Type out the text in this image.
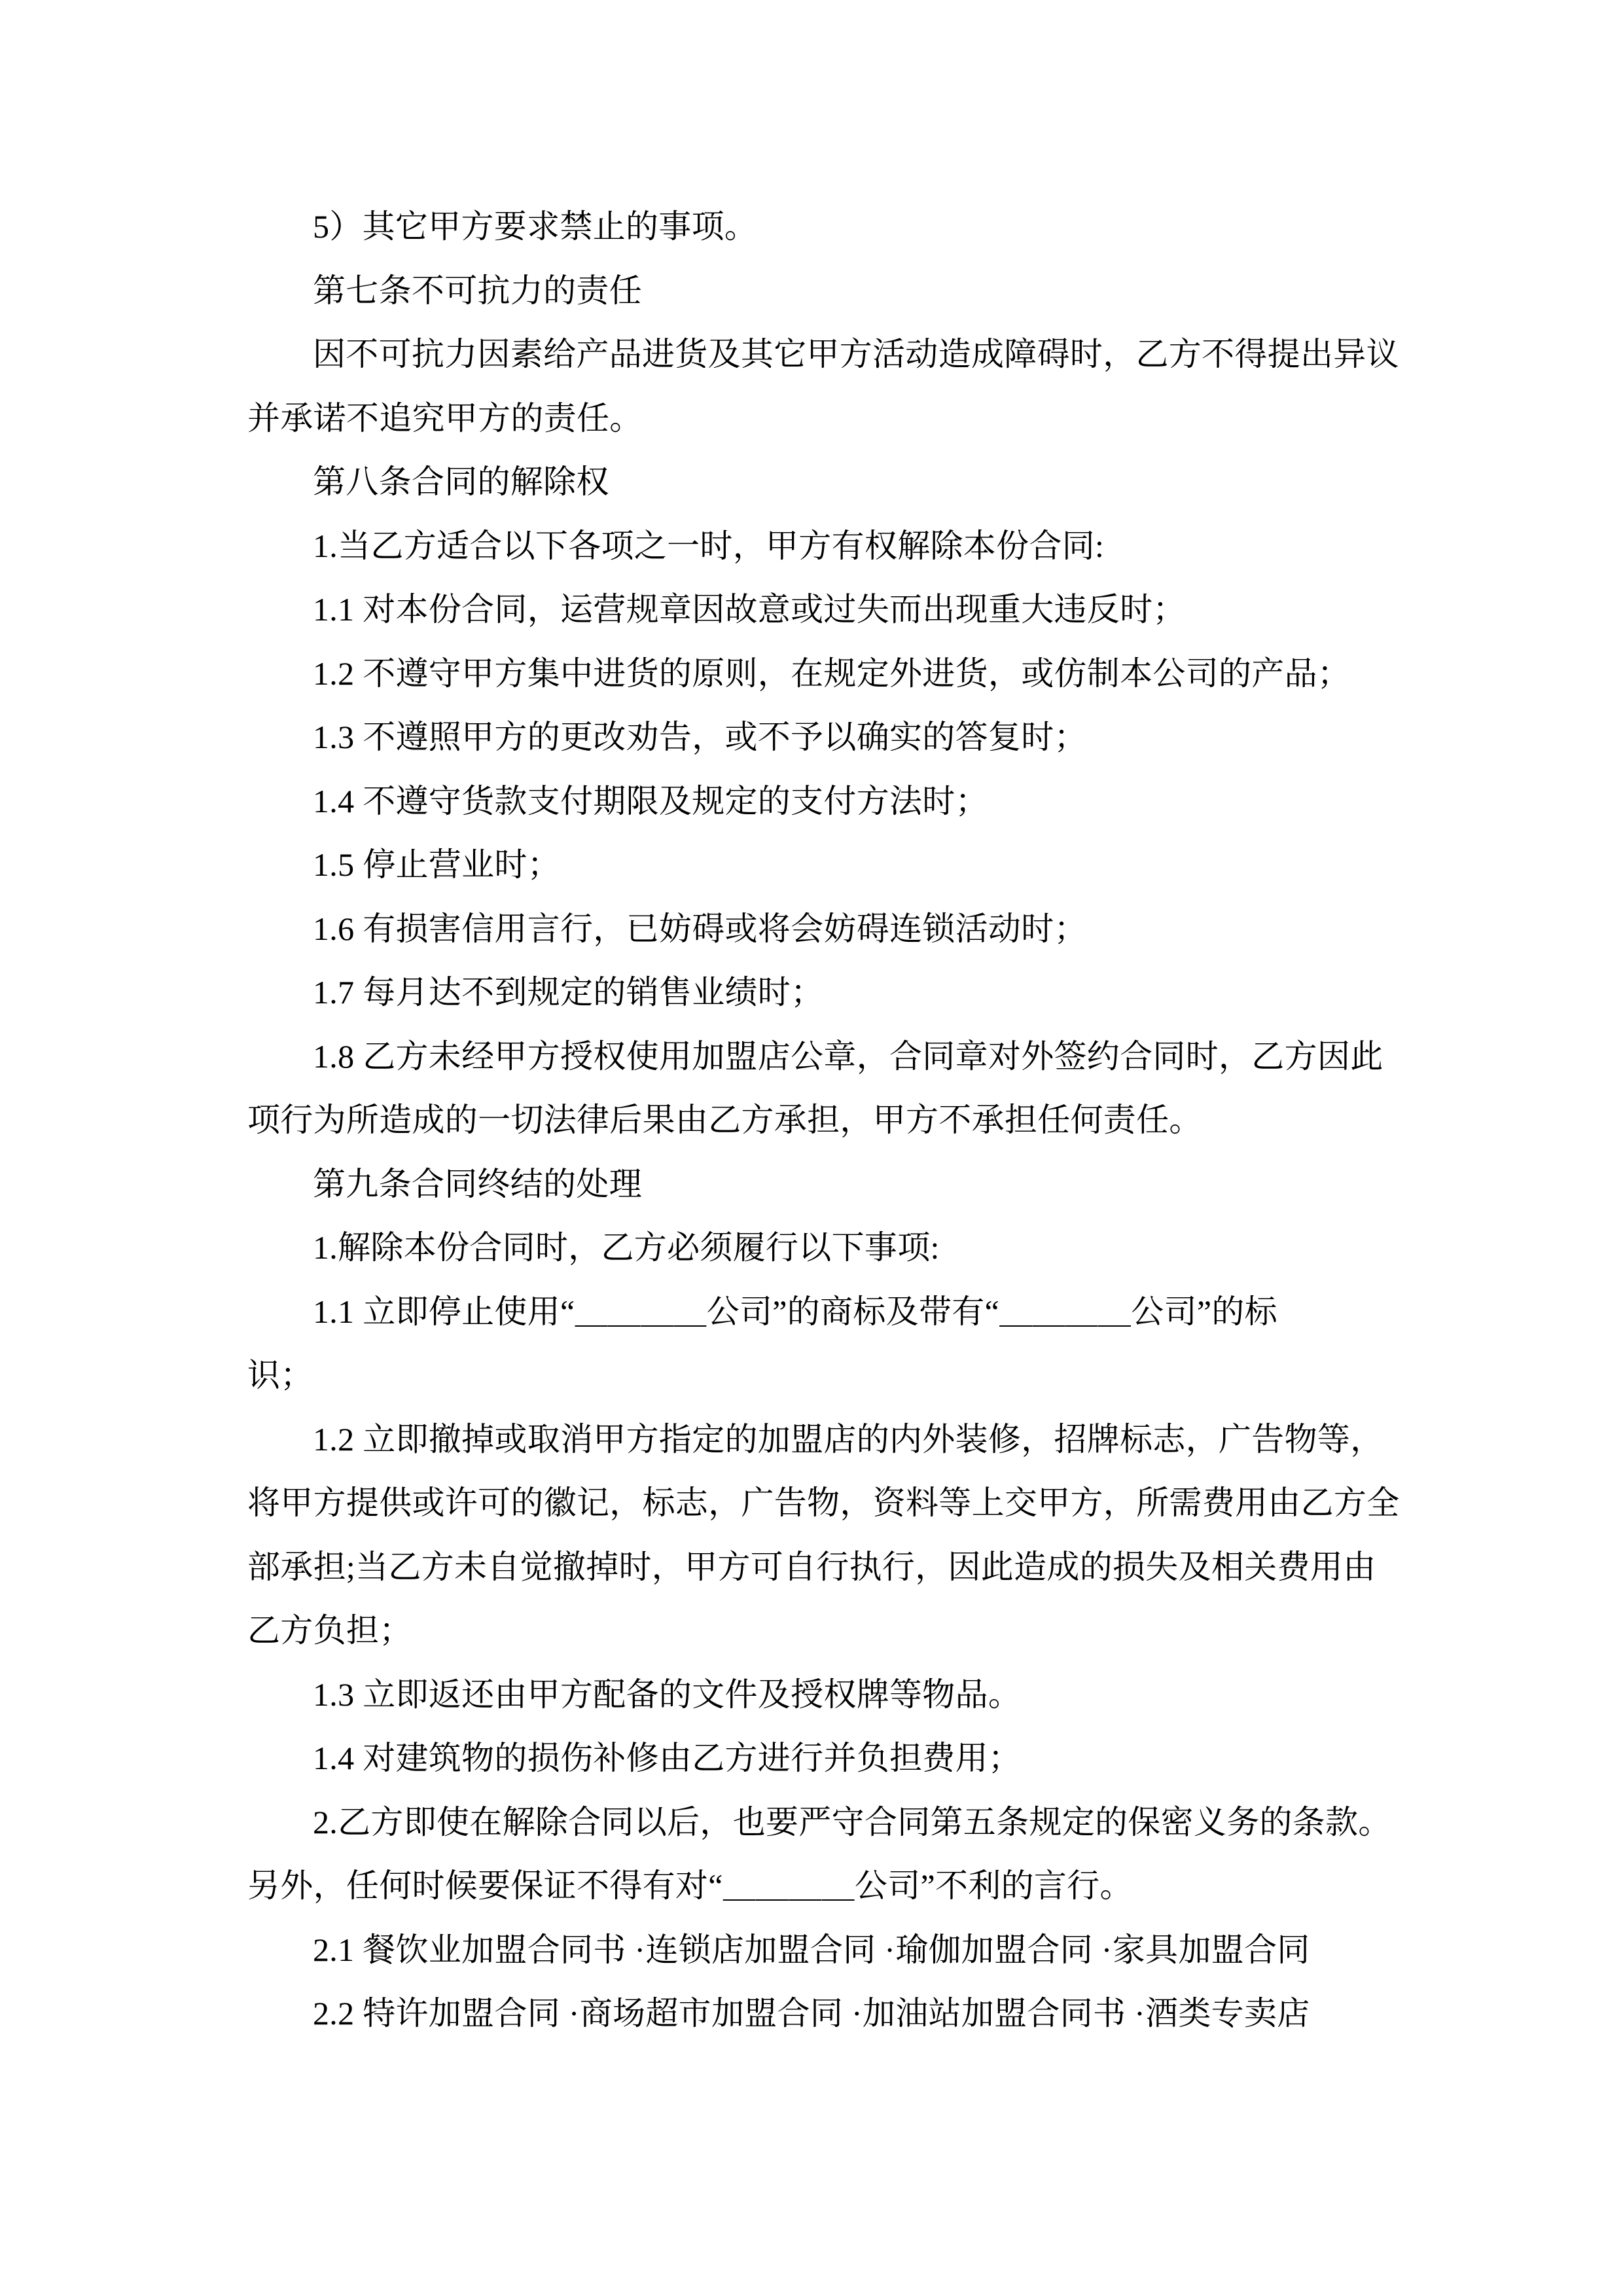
5）其它甲方要求禁止的事项。
第七条不可抗力的责任
因不可抗力因素给产品进货及其它甲方活动造成障碍时，乙方不得提出异议
并承诺不追究甲方的责任。
第八条合同的解除权
1.当乙方适合以下各项之一时，甲方有权解除本份合同:
1.1 对本份合同，运营规章因故意或过失而出现重大违反时；
1.2 不遵守甲方集中进货的原则，在规定外进货，或仿制本公司的产品；
1.3 不遵照甲方的更改劝告，或不予以确实的答复时；
1.4 不遵守货款支付期限及规定的支付方法时；
1.5 停止营业时；
1.6 有损害信用言行，已妨碍或将会妨碍连锁活动时；
1.7 每月达不到规定的销售业绩时；
1.8 乙方未经甲方授权使用加盟店公章，合同章对外签约合同时，乙方因此
项行为所造成的一切法律后果由乙方承担，甲方不承担任何责任。
第九条合同终结的处理
1.解除本份合同时，乙方必须履行以下事项:
1.1 立即停止使用“＿＿＿＿公司”的商标及带有“＿＿＿＿公司”的标
识；
1.2 立即撤掉或取消甲方指定的加盟店的内外装修，招牌标志，广告物等，
将甲方提供或许可的徽记，标志，广告物，资料等上交甲方，所需费用由乙方全
部承担;当乙方未自觉撤掉时，甲方可自行执行，因此造成的损失及相关费用由
乙方负担；
1.3 立即返还由甲方配备的文件及授权牌等物品。
1.4 对建筑物的损伤补修由乙方进行并负担费用；
2.乙方即使在解除合同以后，也要严守合同第五条规定的保密义务的条款。
另外，任何时候要保证不得有对“＿＿＿＿公司”不利的言行。
2.1 餐饮业加盟合同书 ·连锁店加盟合同 ·瑜伽加盟合同 ·家具加盟合同
2.2 特许加盟合同 ·商场超市加盟合同 ·加油站加盟合同书 ·酒类专卖店
